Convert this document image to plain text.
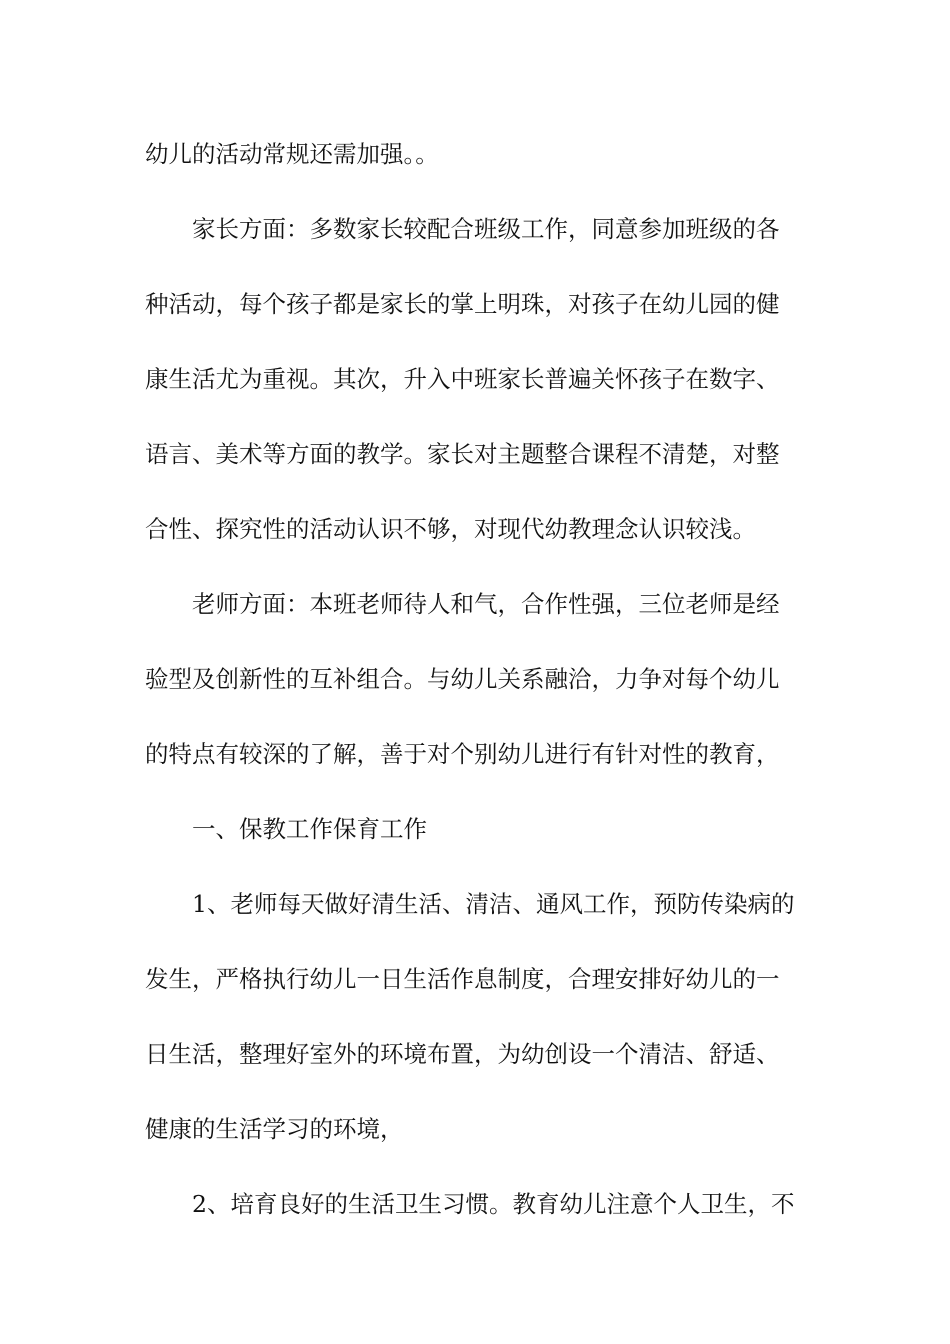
幼儿的活动常规还需加强。。
家长方面：多数家长较配合班级工作，同意参加班级的各
种活动，每个孩子都是家长的掌上明珠，对孩子在幼儿园的健
康生活尤为重视。其次，升入中班家长普遍关怀孩子在数字、
语言、美术等方面的教学。家长对主题整合课程不清楚，对整
合性、探究性的活动认识不够，对现代幼教理念认识较浅。
老师方面：本班老师待人和气，合作性强，三位老师是经
验型及创新性的互补组合。与幼儿关系融洽，力争对每个幼儿
的特点有较深的了解，善于对个别幼儿进行有针对性的教育，
一、保教工作保育工作
1、老师每天做好清生活、清洁、通风工作，预防传染病的
发生，严格执行幼儿一日生活作息制度，合理安排好幼儿的一
日生活，整理好室外的环境布置，为幼创设一个清洁、舒适、
健康的生活学习的环境，
2、培育良好的生活卫生习惯。教育幼儿注意个人卫生，不
